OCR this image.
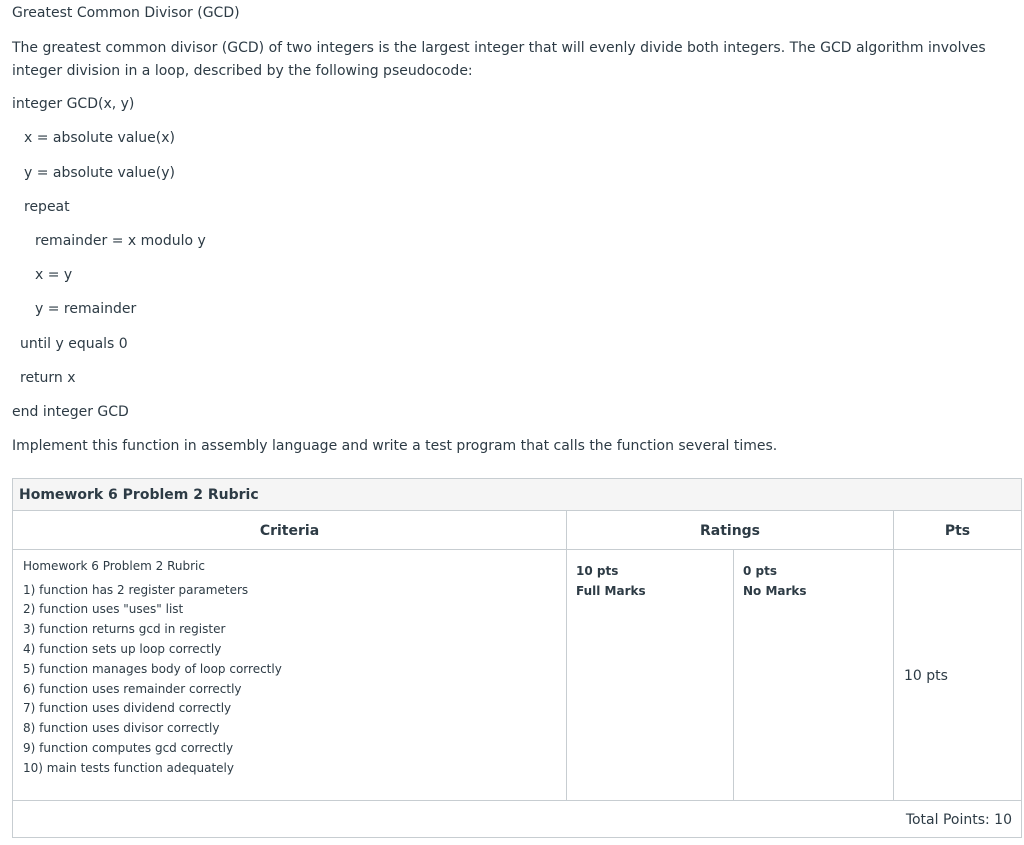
Greatest Common Divisor (GCD)
The greatest common divisor (GCD) of two integers is the largest integer that will evenly divide both integers. The GCD algorithm involves integer division in a loop, described by the following pseudocode:
integer GCD(x, y)
x = absolute value(x)
y = absolute value(y)
repeat
remainder = x modulo y
x = y
y = remainder
until y equals 0
return x
end integer GCD
Implement this function in assembly language and write a test program that calls the function several times.
Homework 6 Problem 2 Rubric
Criteria	Ratings	Pts
Homework 6 Problem 2 Rubric
1) function has 2 register parameters
2) function uses "uses" list
3) function returns gcd in register
4) function sets up loop correctly
5) function manages body of loop correctly
6) function uses remainder correctly
7) function uses dividend correctly
8) function uses divisor correctly
9) function computes gcd correctly
10) main tests function adequately
10 pts
Full Marks
0 pts
No Marks
10 pts
Total Points: 10
